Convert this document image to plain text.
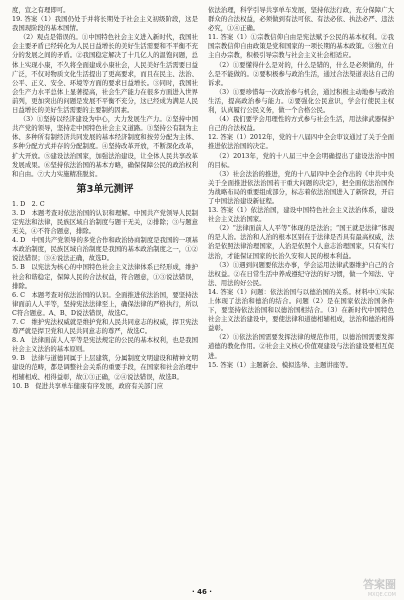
度，宣之有理即可。

19. 答案（1）我国仍处于并将长期处于社会主义初级阶段，这是我国现阶段的基本国情。

（2）观点是错误的。①中国特色社会主义进入新时代，我国社会主要矛盾已经转化为人民日益增长的美好生活需要和不平衡不充分的发展之间的矛盾。②我国稳定解决了十几亿人的温饱问题，总体上实现小康，不久将全面建成小康社会，人民美好生活需要日益广泛，不仅对物质文化生活提出了更高要求，而且在民主、法治、公平、正义、安全、环境等方面的要求日益增长。③同时，我国社会生产力水平总体上显著提高，社会生产能力在很多方面进入世界前列，更加突出的问题是发展不平衡不充分，这已经成为满足人民日益增长的美好生活需要的主要制约因素。

（3）①坚持以经济建设为中心，大力发展生产力。②坚持中国共产党的领导，坚持走中国特色社会主义道路。③坚持公有制为主体、多种所有制经济共同发展的基本经济制度和按劳分配为主体、多种分配方式并存的分配制度。④坚持改革开放，不断深化改革，扩大开放。⑤建设法治国家，加强法治建设，让全体人民共享改革发展成果。⑥坚持依法治国的基本方略，确保保障公民的政治权利和自由。⑦大力实施精准脱贫。

第3单元测评

1. D　2. C

3. D　本题考查对依法治国的认识和理解。中国共产党领导人民制定宪法和法律，民族区域自治制度与题干无关，②排除；③与题意无关，④不符合题意，排除。

4. D　中国共产党领导的多党合作和政治协商制度是我国的一项基本政治制度，民族区域自治制度是我国的基本政治制度之一，①②说法错误；③④说法正确，故选D。

5. B　以宪法为核心的中国特色社会主义法律体系已经形成，维护社会和谐稳定，保障人民的合法权益，符合题意，①③说法错误，排除。

6. C　本题考查对依法治国的认识。全面推进依法治国，要坚持法律面前人人平等，坚持宪法法律至上，确保法律的严格执行，所以C符合题意。A、B、D说法错误，故选C。

7. C　维护宪法权威就是维护党和人民共同意志的权威，捍卫宪法尊严就是捍卫党和人民共同意志的尊严，故选C。

8. A　法律面前人人平等是宪法规定的公民的基本权利，也是我国社会主义法治的基本原则。

9. B　法律与道德同属于上层建筑，分属制度文明建设和精神文明建设的范畴，都是调整社会关系的重要手段，在国家和社会治理中相辅相成、相得益彰，故①③正确，②④说法错误，故选B。

10. B　促进共享单车健康有序发展，政府有关部门应

依法治理，科学引导共享单车发展，坚持依法行政，充分保障广大群众的合法权益，必须做到有法可依、有法必依、执法必严、违法必究，①④正确。

11. 答案（1）①宗教信仰自由是宪法赋予公民的基本权利。②我国宗教信仰自由政策是党和国家的一项长期的基本政策。③独立自主自办宗教，积极引导宗教与社会主义社会相适应。

（2）①要懂得什么是对的，什么是错的，什么是必须做的，什么是不能做的。②要积极参与政治生活，通过合法渠道表达自己的诉求。

（3）①要珍惜每一次政治参与机会，通过积极主动地参与政治生活，提高政治参与能力。②要强化公民意识，学会行使民主权利，认真履行公民义务，做一个合格公民。

（4）我们要学会用理性的方式参与社会生活，用法律武器保护自己的合法权益。

12. 答案（1）2012年，党的十八届四中全会审议通过了关于全面推进依法治国的决定。

（2）2013年，党的十八届三中全会明确提出了建设法治中国的目标。

（3）社会法治的推进，党的十八届四中全会作出的《中共中央关于全面推进依法治国若干重大问题的决定》，把全面依法治国作为战略布局的重要组成部分，标志着依法治国进入了新阶段，开启了中国法治建设新征程。

13. 答案（1）依法治国，建设中国特色社会主义法治体系，建设社会主义法治国家。

（2）“法律面前人人平等”体现的是法治；“国王就是法律”体现的是人治。法治和人治的根本区别在于法律是否具有最高权威，法治是依照法律治理国家，人治是依照个人意志治理国家，只有实行法治，才能保证国家的长治久安和人民的根本利益。

（3）①遇到问题要依法办事，学会运用法律武器维护自己的合法权益。②在日常生活中养成遵纪守法的好习惯，做一个知法、守法、用法的好公民。

14. 答案（1）问题：依法治国与以德治国的关系。材料中①实际上体现了法治和德治的结合。问题（2）是在国家依法治国条件下，要坚持依法治国和以德治国相结合。（3）在新时代中国特色社会主义法治建设中，要使法律和道德相辅相成，法治和德治相得益彰。

（2）①依法治国需要发挥法律的规范作用，以德治国需要发挥道德的教化作用。②社会主义核心价值观建设与法治建设要相互促进。

15. 答案（1）主题新会、模拟选举、主题讲座等。

· 46 ·
答案圈
MXQE.COM
